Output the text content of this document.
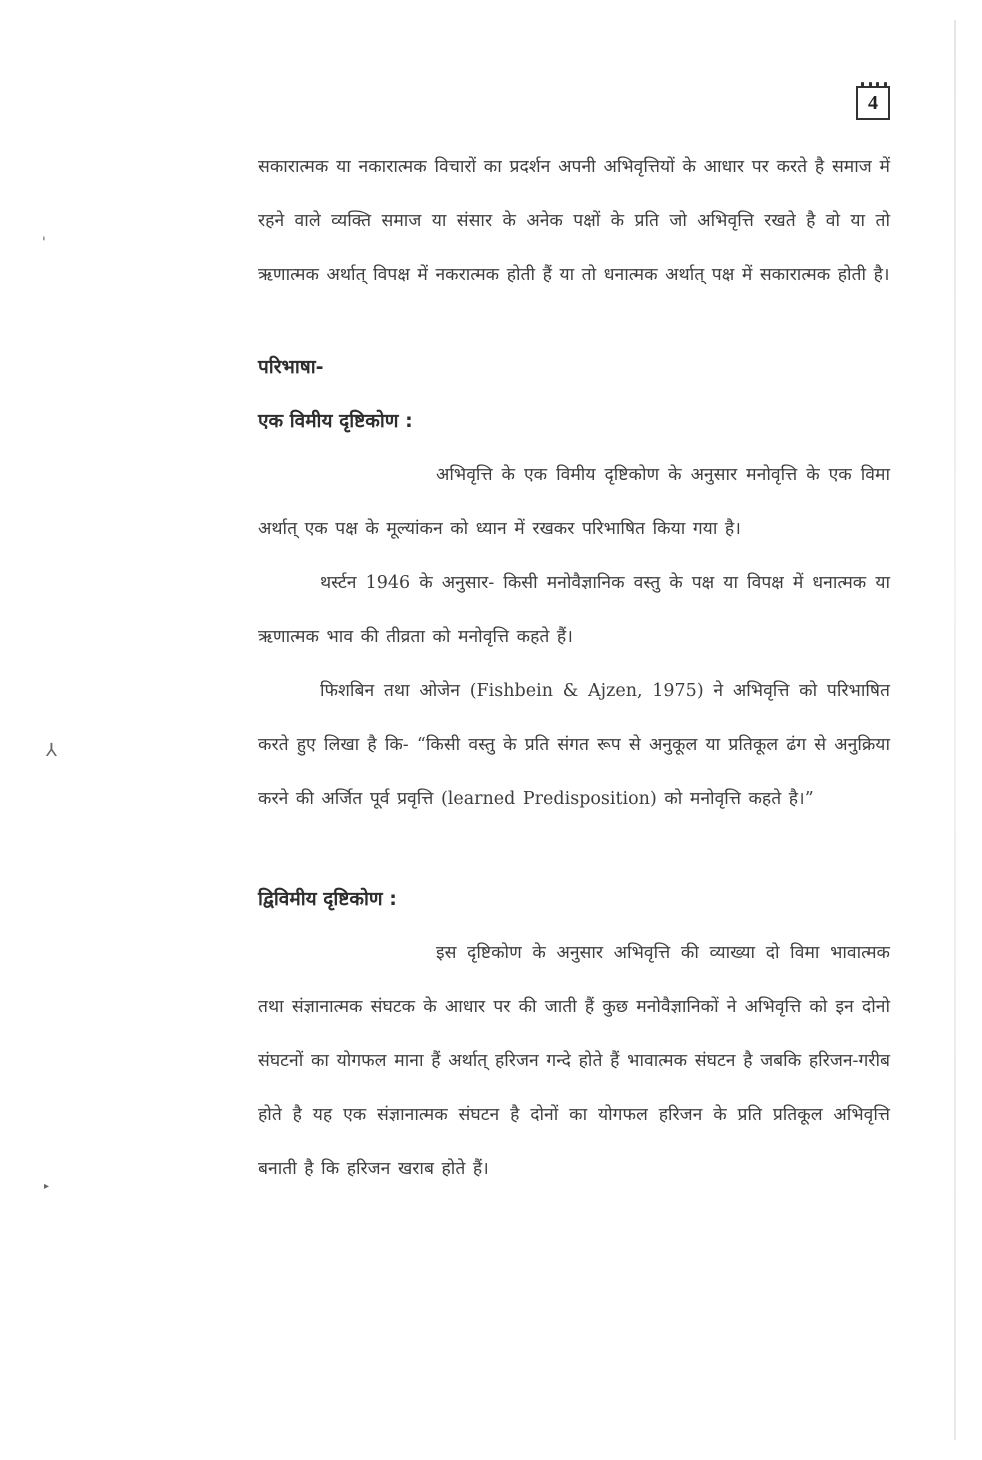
'
⅄
▸
4

सकारात्मक या नकारात्मक विचारों का प्रदर्शन अपनी अभिवृत्तियों के आधार पर करते है समाज में रहने वाले व्यक्ति समाज या संसार के अनेक पक्षों के प्रति जो अभिवृत्ति रखते है वो या तो ऋणात्मक अर्थात् विपक्ष में नकरात्मक होती हैं या तो धनात्मक अर्थात् पक्ष में सकारात्मक होती है।

परिभाषा-
एक विमीय दृष्टिकोण :

अभिवृत्ति के एक विमीय दृष्टिकोण के अनुसार मनोवृत्ति के एक विमा अर्थात् एक पक्ष के मूल्यांकन को ध्यान में रखकर परिभाषित किया गया है।

थर्स्टन 1946 के अनुसार- किसी मनोवैज्ञानिक वस्तु के पक्ष या विपक्ष में धनात्मक या ऋणात्मक भाव की तीव्रता को मनोवृत्ति कहते हैं।

फिशबिन तथा ओजेन (Fishbein & Ajzen, 1975) ने अभिवृत्ति को परिभाषित करते हुए लिखा है कि- “किसी वस्तु के प्रति संगत रूप से अनुकूल या प्रतिकूल ढंग से अनुक्रिया करने की अर्जित पूर्व प्रवृत्ति (learned Predisposition) को मनोवृत्ति कहते है।”

द्विविमीय दृष्टिकोण :

इस दृष्टिकोण के अनुसार अभिवृत्ति की व्याख्या दो विमा भावात्मक तथा संज्ञानात्मक संघटक के आधार पर की जाती हैं कुछ मनोवैज्ञानिकों ने अभिवृत्ति को इन दोनो संघटनों का योगफल माना हैं अर्थात् हरिजन गन्दे होते हैं भावात्मक संघटन है जबकि हरिजन-गरीब होते है यह एक संज्ञानात्मक संघटन है दोनों का योगफल हरिजन के प्रति प्रतिकूल अभिवृत्ति बनाती है कि हरिजन खराब होते हैं।
